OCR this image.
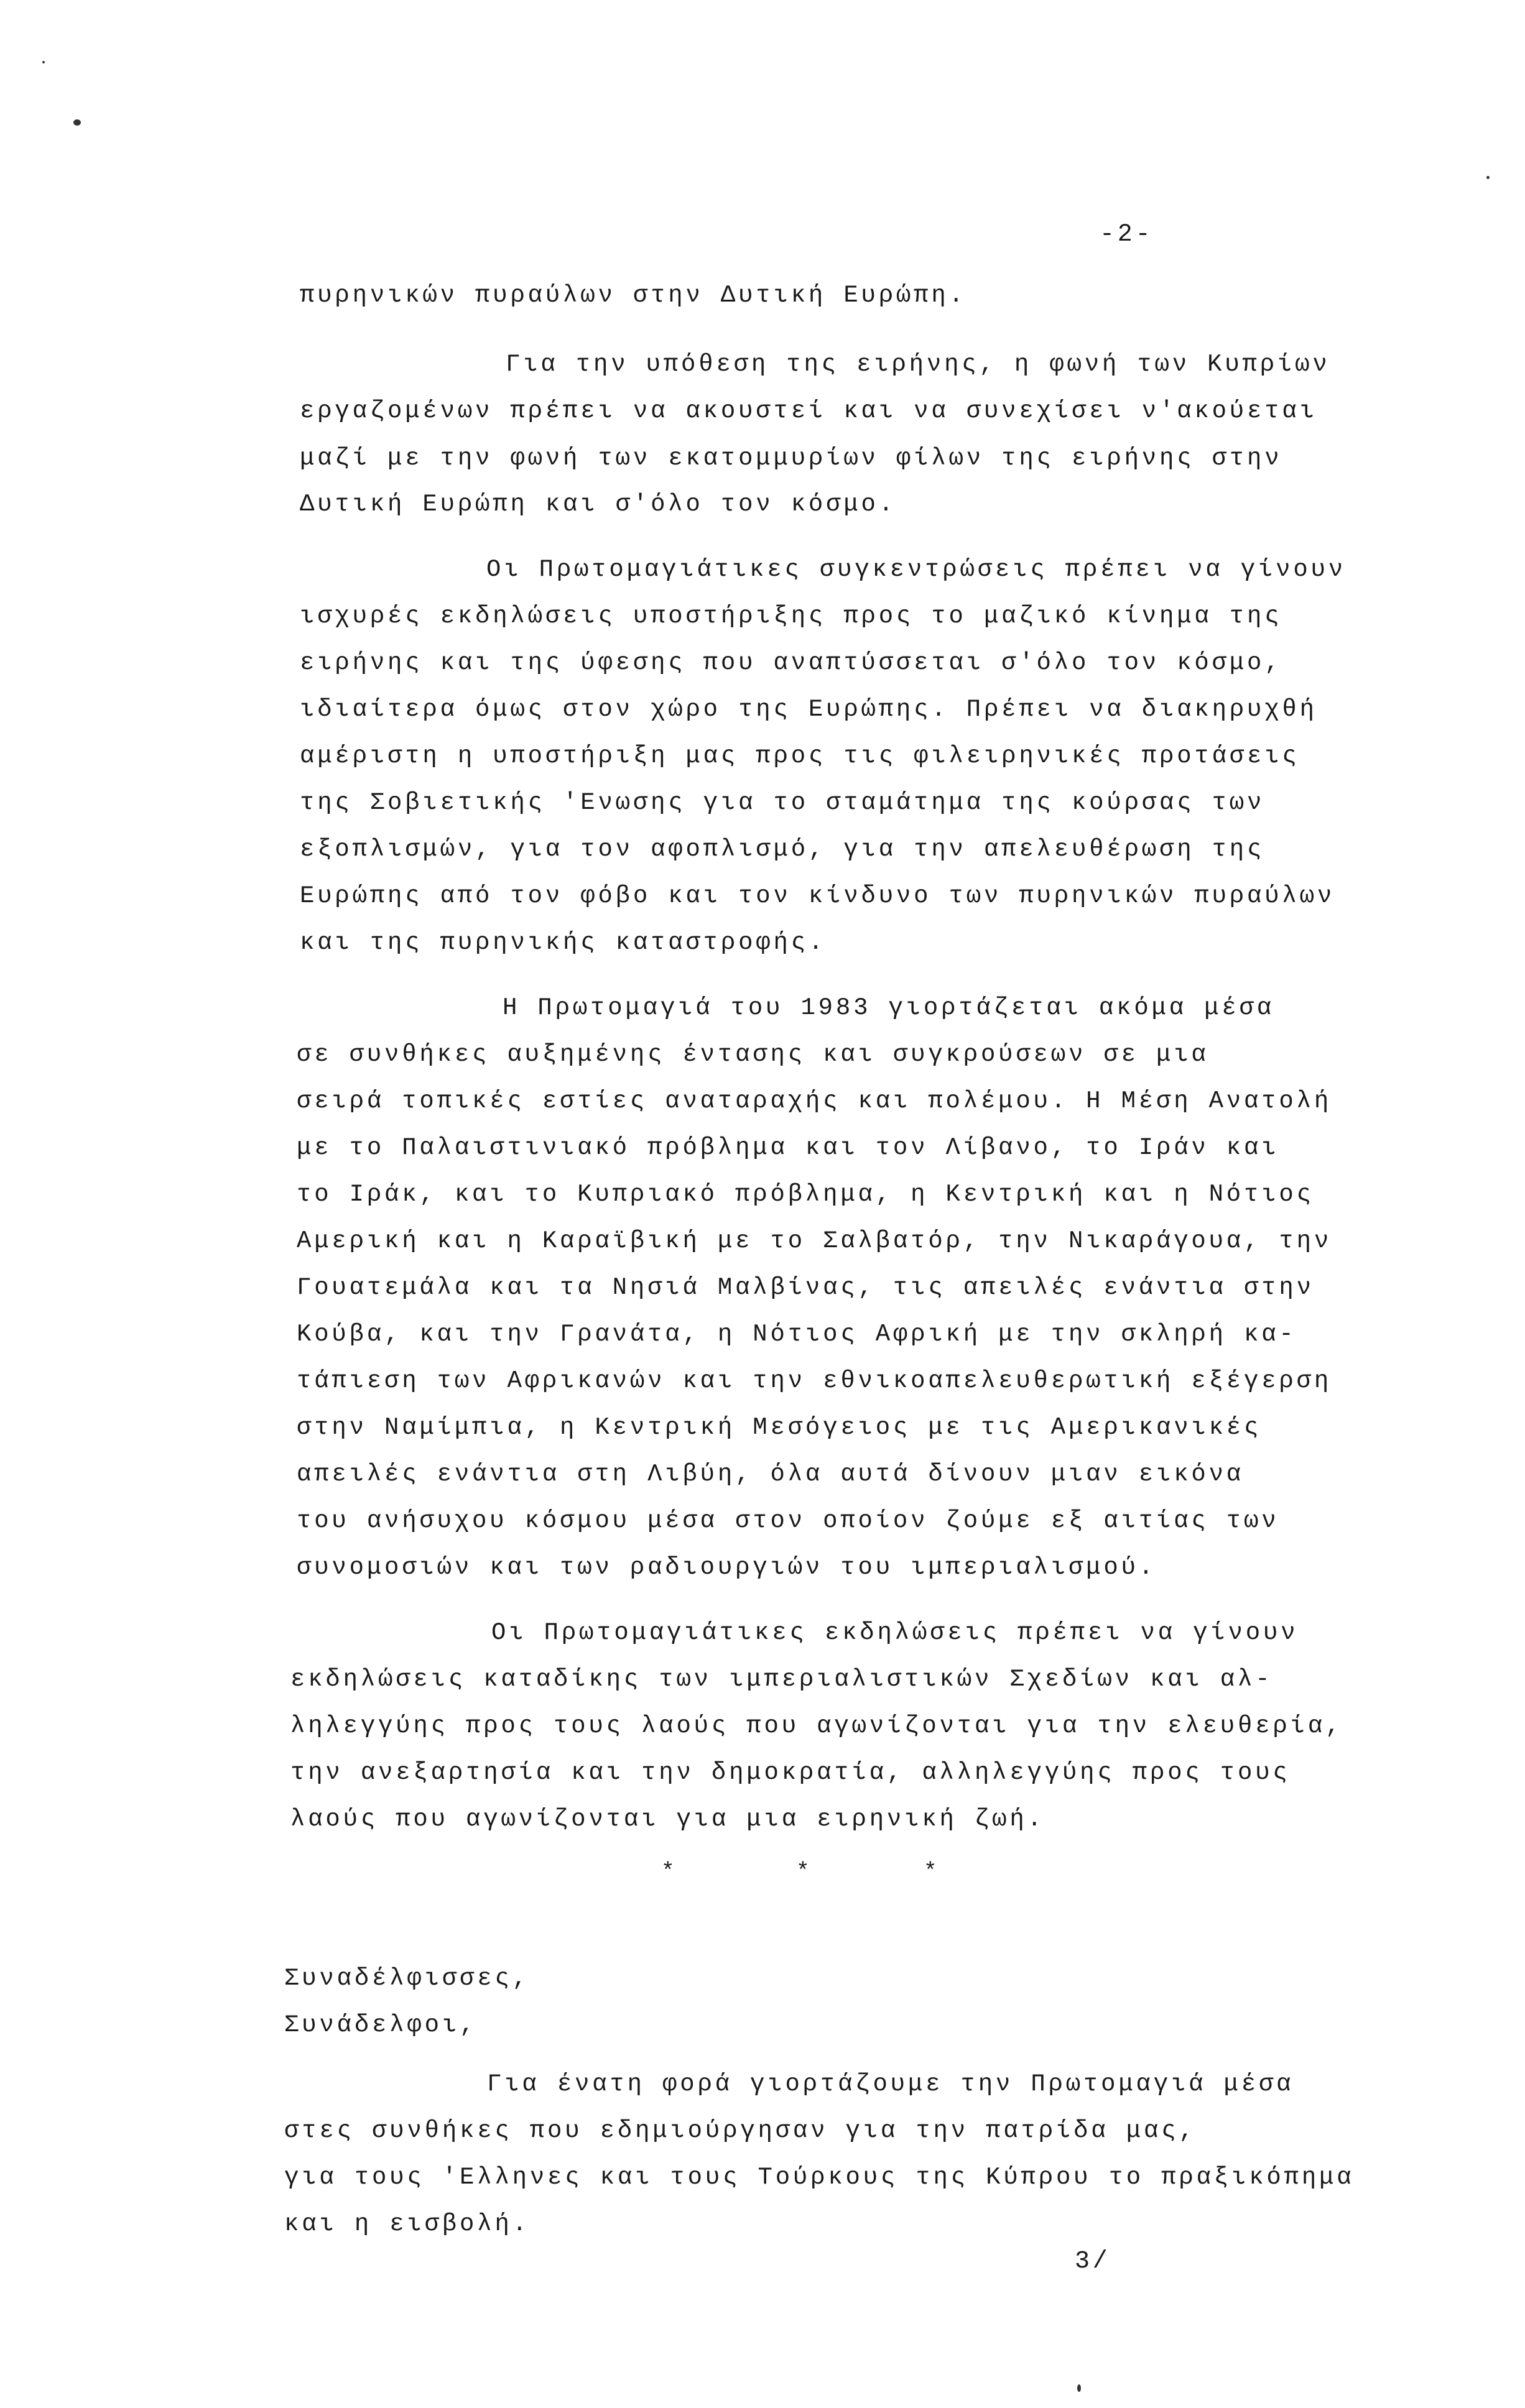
-2-
πυρηνικών πυραύλων στην Δυτική Ευρώπη.
Για την υπόθεση της ειρήνης, η φωνή των Κυπρίων
εργαζομένων πρέπει να ακουστεί και να συνεχίσει ν'ακούεται
μαζί με την φωνή των εκατομμυρίων φίλων της ειρήνης στην
Δυτική Ευρώπη και σ'όλο τον κόσμο.
Οι Πρωτομαγιάτικες συγκεντρώσεις πρέπει να γίνουν
ισχυρές εκδηλώσεις υποστήριξης προς το μαζικό κίνημα της
ειρήνης και της ύφεσης που αναπτύσσεται σ'όλο τον κόσμο,
ιδιαίτερα όμως στον χώρο της Ευρώπης. Πρέπει να διακηρυχθή
αμέριστη η υποστήριξη μας προς τις φιλειρηνικές προτάσεις
της Σοβιετικής 'Ενωσης για το σταμάτημα της κούρσας των
εξοπλισμών, για τον αφοπλισμό, για την απελευθέρωση της
Ευρώπης από τον φόβο και τον κίνδυνο των πυρηνικών πυραύλων
και της πυρηνικής καταστροφής.
Η Πρωτομαγιά του 1983 γιορτάζεται ακόμα μέσα
σε συνθήκες αυξημένης έντασης και συγκρούσεων σε μια
σειρά τοπικές εστίες αναταραχής και πολέμου. Η Μέση Ανατολή
με το Παλαιστινιακό πρόβλημα και τον Λίβανο, το Ιράν και
το Ιράκ, και το Κυπριακό πρόβλημα, η Κεντρική και η Νότιος
Αμερική και η Καραϊβική με το Σαλβατόρ, την Νικαράγουα, την
Γουατεμάλα και τα Νησιά Μαλβίνας, τις απειλές ενάντια στην
Κούβα, και την Γρανάτα, η Νότιος Αφρική με την σκληρή κα-
τάπιεση των Αφρικανών και την εθνικοαπελευθερωτική εξέγερση
στην Ναμίμπια, η Κεντρική Μεσόγειος με τις Αμερικανικές
απειλές ενάντια στη Λιβύη, όλα αυτά δίνουν μιαν εικόνα
του ανήσυχου κόσμου μέσα στον οποίον ζούμε εξ αιτίας των
συνομοσιών και των ραδιουργιών του ιμπεριαλισμού.
Οι Πρωτομαγιάτικες εκδηλώσεις πρέπει να γίνουν
εκδηλώσεις καταδίκης των ιμπεριαλιστικών Σχεδίων και αλ-
ληλεγγύης προς τους λαούς που αγωνίζονται για την ελευθερία,
την ανεξαρτησία και την δημοκρατία, αλληλεγγύης προς τους
λαούς που αγωνίζονται για μια ειρηνική ζωή.
*	*	*
Συναδέλφισσες,
Συνάδελφοι,
Για ένατη φορά γιορτάζουμε την Πρωτομαγιά μέσα
στες συνθήκες που εδημιούργησαν για την πατρίδα μας,
για τους 'Ελληνες και τους Τούρκους της Κύπρου το πραξικόπημα
και η εισβολή.
3/
